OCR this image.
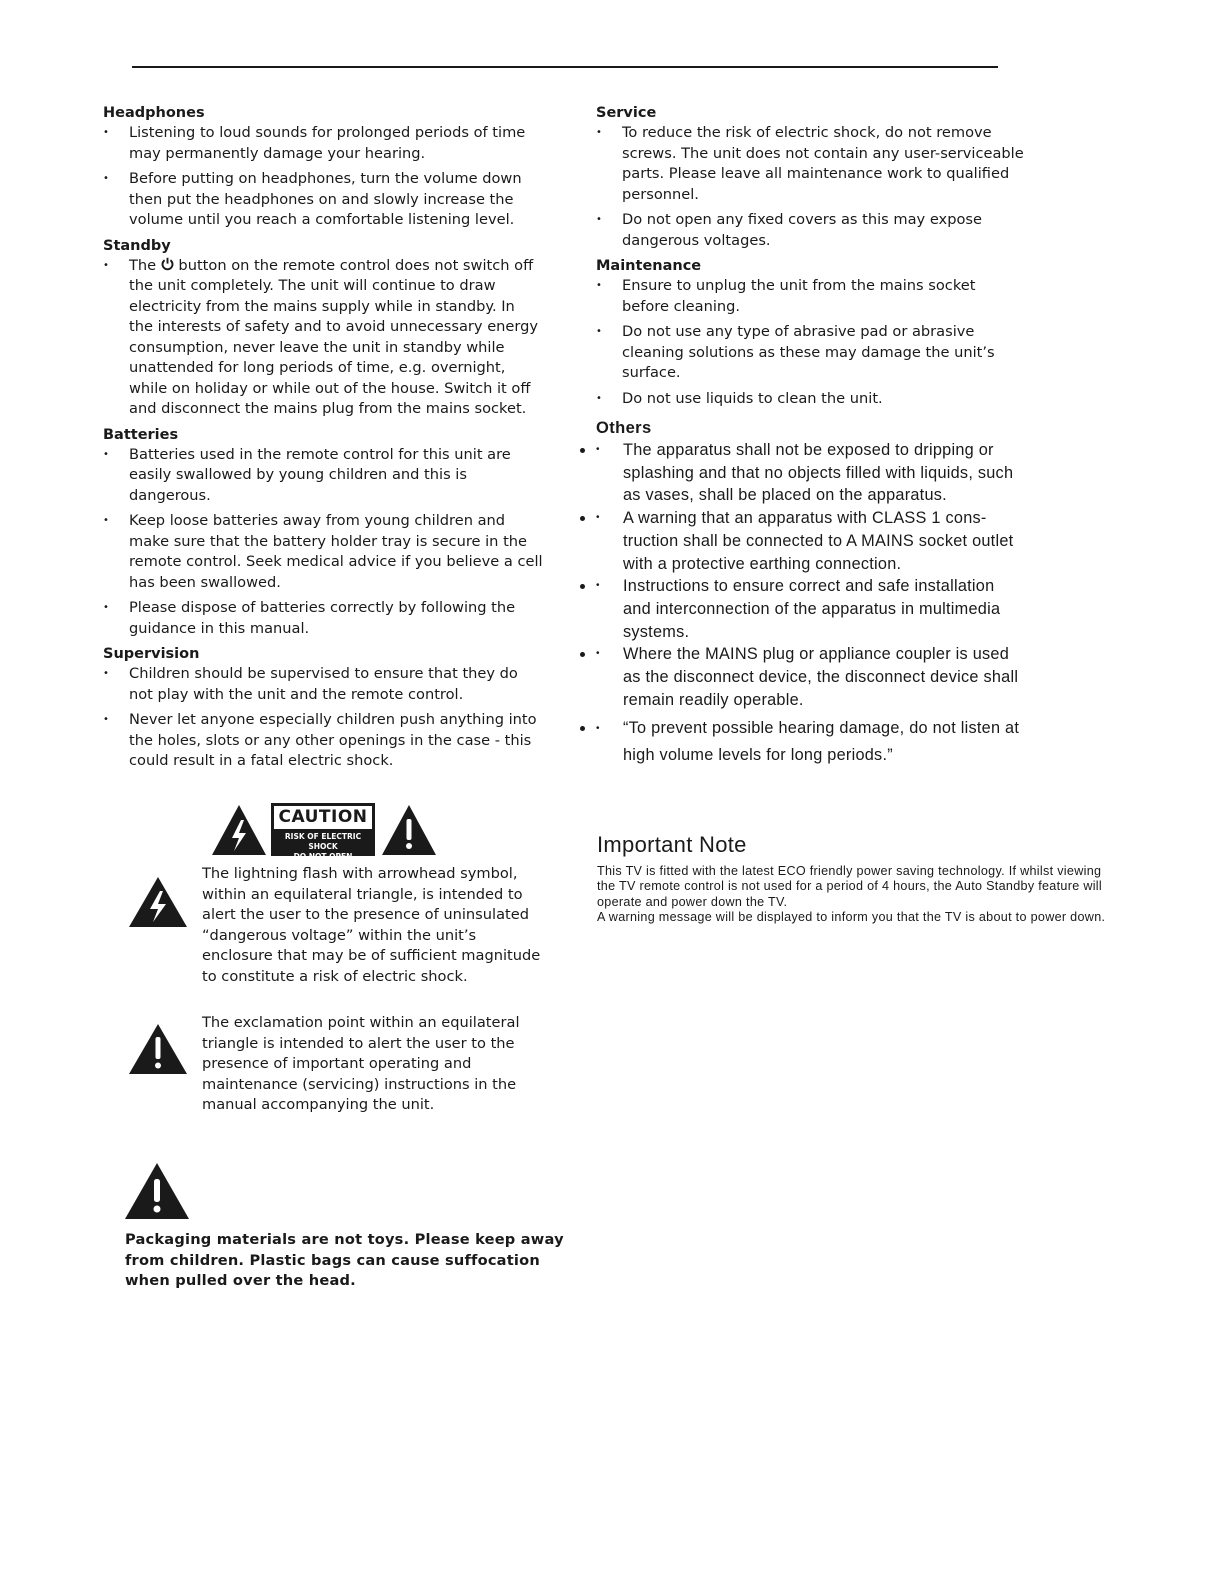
Headphones
• Listening to loud sounds for prolonged periods of time may permanently damage your hearing.
• Before putting on headphones, turn the volume down then put the headphones on and slowly increase the volume until you reach a comfortable listening level.
Standby
• The  button on the remote control does not switch off the unit completely. The unit will continue to draw electricity from the mains supply while in standby. In the interests of safety and to avoid unnecessary energy consumption, never leave the unit in standby while unattended for long periods of time, e.g. overnight, while on holiday or while out of the house. Switch it off and disconnect the mains plug from the mains socket.
Batteries
• Batteries used in the remote control for this unit are easily swallowed by young children and this is dangerous.
• Keep loose batteries away from young children and make sure that the battery holder tray is secure in the remote control. Seek medical advice if you believe a cell has been swallowed.
• Please dispose of batteries correctly by following the guidance in this manual.
Supervision
• Children should be supervised to ensure that they do not play with the unit and the remote control.
• Never let anyone especially children push anything into the holes, slots or any other openings in the case - this could result in a fatal electric shock.
CAUTION
RISK OF ELECTRIC SHOCK
DO NOT OPEN
The lightning flash with arrowhead symbol, within an equilateral triangle, is intended to alert the user to the presence of uninsulated “dangerous voltage” within the unit’s enclosure that may be of sufficient magnitude to constitute a risk of electric shock.
The exclamation point within an equilateral triangle is intended to alert the user to the presence of important operating and maintenance (servicing) instructions in the manual accompanying the unit.
Packaging materials are not toys. Please keep away from children. Plastic bags can cause suffocation when pulled over the head.
Service
• To reduce the risk of electric shock, do not remove screws. The unit does not contain any user-serviceable parts. Please leave all maintenance work to qualified personnel.
• Do not open any fixed covers as this may expose dangerous voltages.
Maintenance
• Ensure to unplug the unit from the mains socket before cleaning.
• Do not use any type of abrasive pad or abrasive cleaning solutions as these may damage the unit’s surface.
• Do not use liquids to clean the unit.
Others
• • The apparatus shall not be exposed to dripping or splashing and that no objects filled with liquids, such as vases, shall be placed on the apparatus.
• • A warning that an apparatus with CLASS 1 cons- truction shall be connected to A MAINS socket outlet with a protective earthing connection.
• • Instructions to ensure correct and safe installation and interconnection of the apparatus in multimedia systems.
• • Where the MAINS plug or appliance coupler is used as the disconnect device, the disconnect device shall remain readily operable.
• • “To prevent possible hearing damage, do not listen at high volume levels for long periods.”
Important Note

This TV is fitted with the latest ECO friendly power saving technology. If whilst viewing the TV remote control is not used for a period of 4 hours, the Auto Standby feature will operate and power down the TV.

A warning message will be displayed to inform you that the TV is about to power down.
